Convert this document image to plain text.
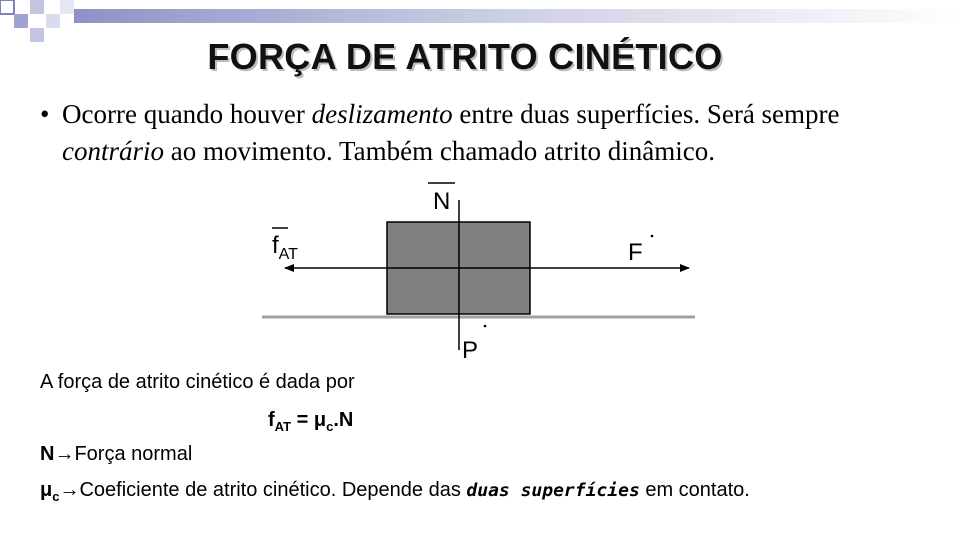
FORÇA DE ATRITO CINÉTICO
• Ocorre quando houver deslizamento entre duas superfícies. Será sempre contrário ao movimento. Também chamado atrito dinâmico.
N
$f_{AT}$	F
P
A força de atrito cinético é dada por
$f_{AT} = \mu_c.N$
N→Força normal
$\mu_c\to Coeficiente$ de atrito cinético. Depende das duas superfícies em contato.
